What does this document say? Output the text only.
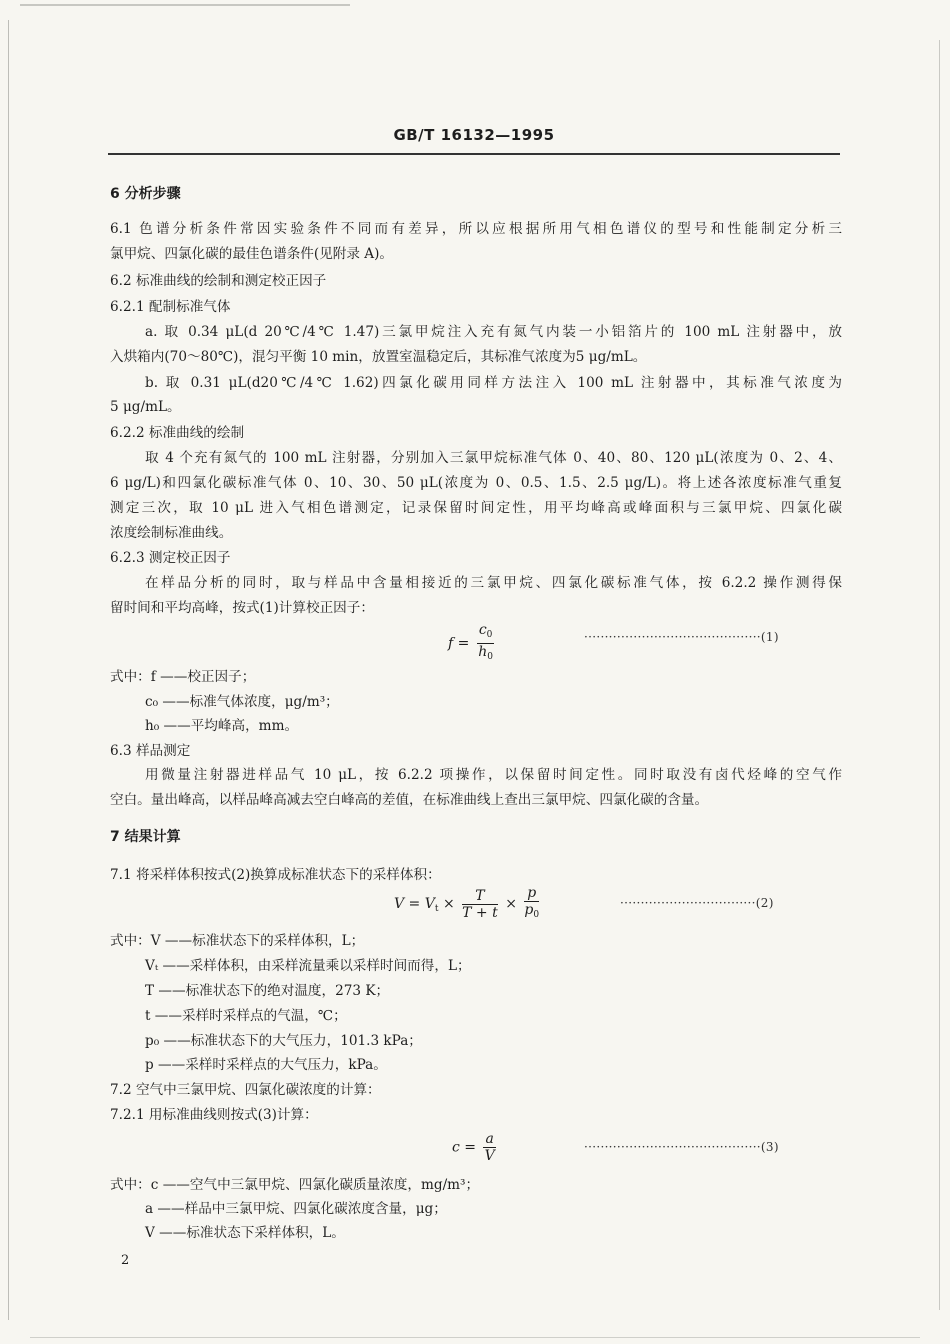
GB/T 16132—1995
6 分析步骤
6.1 色谱分析条件常因实验条件不同而有差异，所以应根据所用气相色谱仪的型号和性能制定分析三
氯甲烷、四氯化碳的最佳色谱条件(见附录 A)。
6.2 标准曲线的绘制和测定校正因子
6.2.1 配制标准气体
a. 取 0.34 μL(d 20℃/4℃ 1.47)三氯甲烷注入充有氮气内装一小铝箔片的 100 mL 注射器中，放
入烘箱内(70～80℃)，混匀平衡 10 min，放置室温稳定后，其标准气浓度为5 μg/mL。
b. 取 0.31 μL(d20℃/4℃ 1.62)四氯化碳用同样方法注入 100 mL 注射器中，其标准气浓度为
5 μg/mL。
6.2.2 标准曲线的绘制
取 4 个充有氮气的 100 mL 注射器，分别加入三氯甲烷标准气体 0、40、80、120 μL(浓度为 0、2、4、
6 μg/L)和四氯化碳标准气体 0、10、30、50 μL(浓度为 0、0.5、1.5、2.5 μg/L)。将上述各浓度标准气重复
测定三次，取 10 μL 进入气相色谱测定，记录保留时间定性，用平均峰高或峰面积与三氯甲烷、四氯化碳
浓度绘制标准曲线。
6.2.3 测定校正因子
在样品分析的同时，取与样品中含量相接近的三氯甲烷、四氯化碳标准气体，按 6.2.2 操作测得保
留时间和平均高峰，按式(1)计算校正因子：
$f = \frac{c_0}{h_0}$	···········································(1)
式中：f ——校正因子；
c₀ ——标准气体浓度，μg/m³；
h₀ ——平均峰高，mm。
6.3 样品测定
用微量注射器进样品气 10 μL，按 6.2.2 项操作，以保留时间定性。同时取没有卤代烃峰的空气作
空白。量出峰高，以样品峰高减去空白峰高的差值，在标准曲线上查出三氯甲烷、四氯化碳的含量。
7 结果计算
7.1 将采样体积按式(2)换算成标准状态下的采样体积：
$V = V_t \times \frac{T}{T + t} \times \frac{p}{p_0}$	·································(2)
式中：V ——标准状态下的采样体积，L；
Vₜ ——采样体积，由采样流量乘以采样时间而得，L；
T ——标准状态下的绝对温度，273 K；
t ——采样时采样点的气温，℃；
p₀ ——标准状态下的大气压力，101.3 kPa；
p ——采样时采样点的大气压力，kPa。
7.2 空气中三氯甲烷、四氯化碳浓度的计算：
7.2.1 用标准曲线则按式(3)计算：
$c = \frac{a}{V}$	···········································(3)
式中：c ——空气中三氯甲烷、四氯化碳质量浓度，mg/m³；
a ——样品中三氯甲烷、四氯化碳浓度含量，μg；
V ——标准状态下采样体积，L。
2
